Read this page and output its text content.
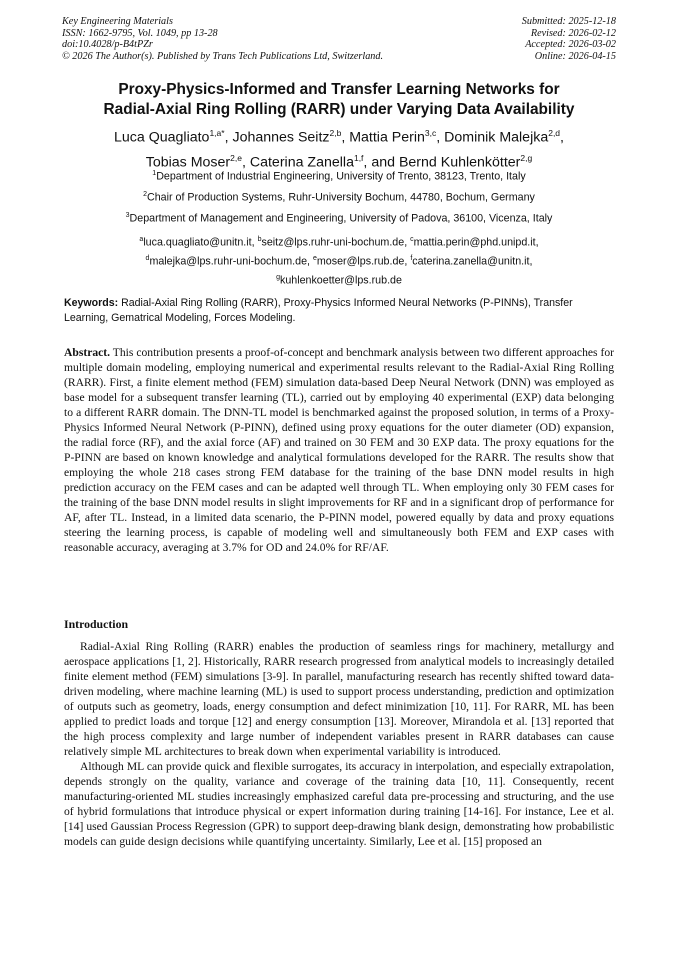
Key Engineering Materials
ISSN: 1662-9795, Vol. 1049, pp 13-28
doi:10.4028/p-B4tPZr
© 2026 The Author(s). Published by Trans Tech Publications Ltd, Switzerland.
Submitted: 2025-12-18
Revised: 2026-02-12
Accepted: 2026-03-02
Online: 2026-04-15
Proxy-Physics-Informed and Transfer Learning Networks for
Radial-Axial Ring Rolling (RARR) under Varying Data Availability
Luca Quagliato$^{1,a*}$, Johannes Seitz$^{2,b}$, Mattia Perin$^{3,c}$, Dominik Malejka$^{2,d}$,
Tobias Moser$^{2,e}$, Caterina Zanella$^{1,f}$, and Bernd Kuhlenkötter$^{2,g}$
$^1$Department of Industrial Engineering, University of Trento, 38123, Trento, Italy
$^2$Chair of Production Systems, Ruhr-University Bochum, 44780, Bochum, Germany
$^3$Department of Management and Engineering, University of Padova, 36100, Vicenza, Italy
$^a$luca.quagliato@unitn.it, $^b$seitz@lps.ruhr-uni-bochum.de, $^c$mattia.perin@phd.unipd.it,
$^d$malejka@lps.ruhr-uni-bochum.de, $^e$moser@lps.rub.de, $^f$caterina.zanella@unitn.it,
$^g$kuhlenkoetter@lps.rub.de
Keywords: Radial-Axial Ring Rolling (RARR), Proxy-Physics Informed Neural Networks (P-PINNs), Transfer Learning, Gematrical Modeling, Forces Modeling.
Abstract. This contribution presents a proof-of-concept and benchmark analysis between two different approaches for multiple domain modeling, employing numerical and experimental results relevant to the Radial-Axial Ring Rolling (RARR). First, a finite element method (FEM) simulation data-based Deep Neural Network (DNN) was employed as base model for a subsequent transfer learning (TL), carried out by employing 40 experimental (EXP) data belonging to a different RARR domain. The DNN-TL model is benchmarked against the proposed solution, in terms of a Proxy-Physics Informed Neural Network (P-PINN), defined using proxy equations for the outer diameter (OD) expansion, the radial force (RF), and the axial force (AF) and trained on 30 FEM and 30 EXP data. The proxy equations for the P-PINN are based on known knowledge and analytical formulations developed for the RARR. The results show that employing the whole 218 cases strong FEM database for the training of the base DNN model results in high prediction accuracy on the FEM cases and can be adapted well through TL. When employing only 30 FEM cases for the training of the base DNN model results in slight improvements for RF and in a significant drop of performance for AF, after TL. Instead, in a limited data scenario, the P-PINN model, powered equally by data and proxy equations steering the learning process, is capable of modeling well and simultaneously both FEM and EXP cases with reasonable accuracy, averaging at 3.7% for OD and 24.0% for RF/AF.
Introduction

Radial-Axial Ring Rolling (RARR) enables the production of seamless rings for machinery, metallurgy and aerospace applications [1, 2]. Historically, RARR research progressed from analytical models to increasingly detailed finite element method (FEM) simulations [3-9]. In parallel, manufacturing research has recently shifted toward data-driven modeling, where machine learning (ML) is used to support process understanding, prediction and optimization of outputs such as geometry, loads, energy consumption and defect minimization [10, 11]. For RARR, ML has been applied to predict loads and torque [12] and energy consumption [13]. Moreover, Mirandola et al. [13] reported that the high process complexity and large number of independent variables present in RARR databases can cause relatively simple ML architectures to break down when experimental variability is introduced.

Although ML can provide quick and flexible surrogates, its accuracy in interpolation, and especially extrapolation, depends strongly on the quality, variance and coverage of the training data [10, 11]. Consequently, recent manufacturing-oriented ML studies increasingly emphasized careful data pre-processing and structuring, and the use of hybrid formulations that introduce physical or expert information during training [14-16]. For instance, Lee et al. [14] used Gaussian Process Regression (GPR) to support deep-drawing blank design, demonstrating how probabilistic models can guide design decisions while quantifying uncertainty. Similarly, Lee et al. [15] proposed an
